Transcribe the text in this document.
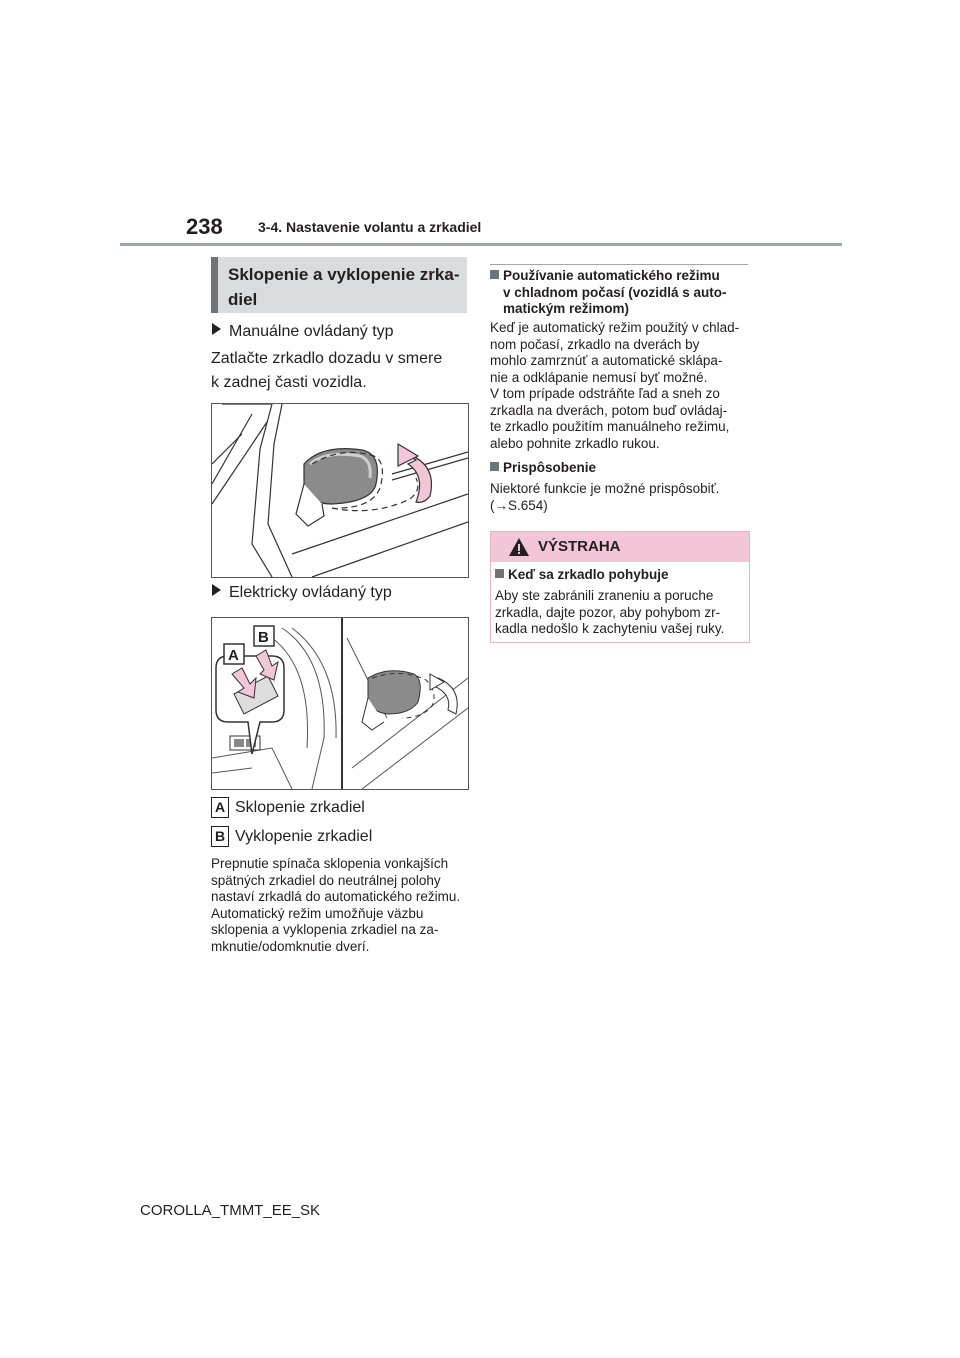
238	3-4. Nastavenie volantu a zrkadiel
Sklopenie a vyklopenie zrka-diel
Manuálne ovládaný typ
Zatlačte zrkadlo dozadu v smere
k zadnej časti vozidla.
Elektricky ovládaný typ
A
B
A Sklopenie zrkadiel
B Vyklopenie zrkadiel
Prepnutie spínača sklopenia vonkajších
spätných zrkadiel do neutrálnej polohy
nastaví zrkadlá do automatického režimu.
Automatický režim umožňuje väzbu
sklopenia a vyklopenia zrkadiel na za-
mknutie/odomknutie dverí.
Používanie automatického režimu
v chladnom počasí (vozidlá s auto-
matickým režimom)
Keď je automatický režim použitý v chlad-
nom počasí, zrkadlo na dverách by
mohlo zamrznúť a automatické sklápa-
nie a odklápanie nemusí byť možné.
V tom prípade odstráňte ľad a sneh zo
zrkadla na dverách, potom buď ovládaj-
te zrkadlo použitím manuálneho režimu,
alebo pohnite zrkadlo rukou.
Prispôsobenie
Niektoré funkcie je možné prispôsobiť.
(→S.654)
Keď sa zrkadlo pohybuje
Aby ste zabránili zraneniu a poruche
zrkadla, dajte pozor, aby pohybom zr-
kadla nedošlo k zachyteniu vašej ruky.
VÝSTRAHA
COROLLA_TMMT_EE_SK
